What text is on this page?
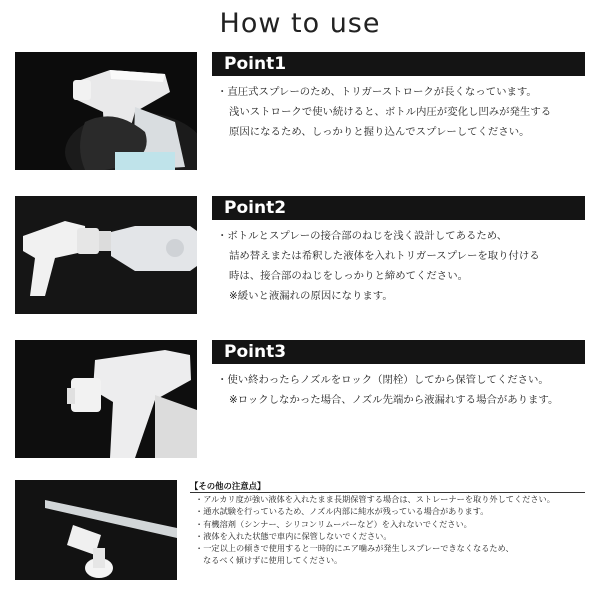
How to use
Point1
・直圧式スプレーのため、トリガーストロークが長くなっています。
浅いストロークで使い続けると、ボトル内圧が変化し凹みが発生する
原因になるため、しっかりと握り込んでスプレーしてください。
Point2
・ボトルとスプレーの接合部のねじを浅く設計してあるため、
詰め替えまたは希釈した液体を入れトリガースプレーを取り付ける
時は、接合部のねじをしっかりと締めてください。
※緩いと液漏れの原因になります。
Point3
・使い終わったらノズルをロック（閉栓）してから保管してください。
※ロックしなかった場合、ノズル先端から液漏れする場合があります。
【その他の注意点】
・アルカリ度が強い液体を入れたまま長期保管する場合は、ストレーナーを取り外してください。
・通水試験を行っているため、ノズル内部に純水が残っている場合があります。
・有機溶剤（シンナー、シリコンリムーバーなど）を入れないでください。
・液体を入れた状態で車内に保管しないでください。
・一定以上の傾きで使用すると一時的にエア噛みが発生しスプレーできなくなるため、
なるべく傾けずに使用してください。
